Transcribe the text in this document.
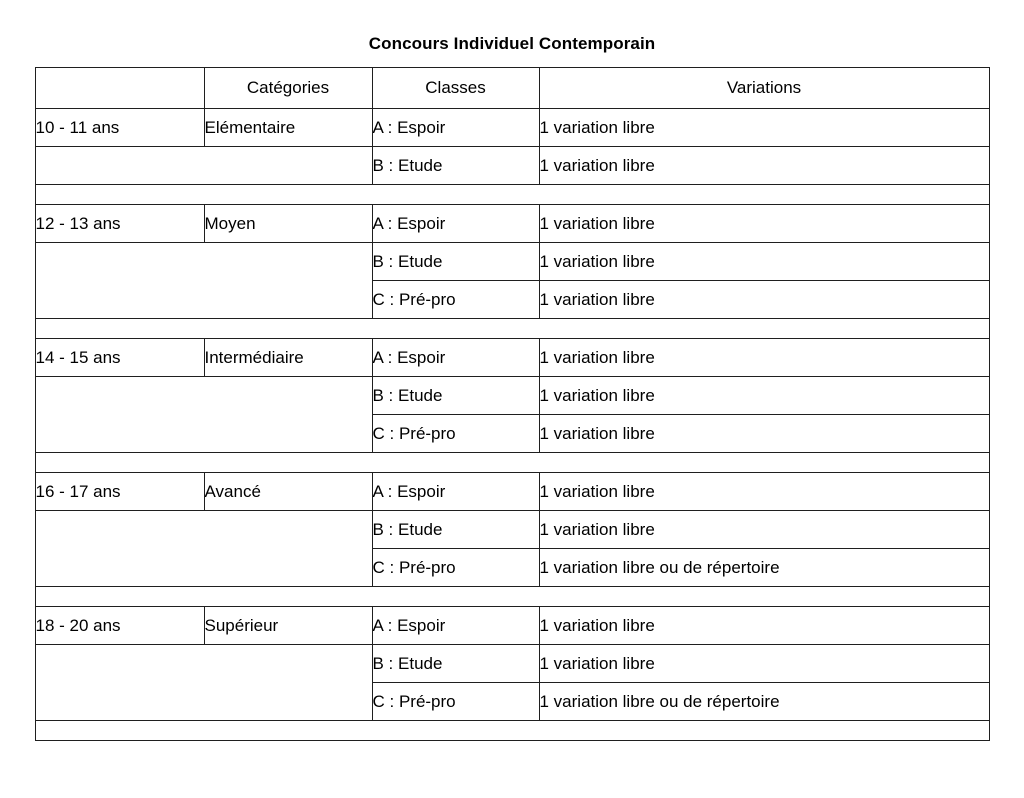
Concours Individuel Contemporain
	Catégories	Classes	Variations
10 - 11 ans	Elémentaire	A : Espoir	1 variation libre
		B : Etude	1 variation libre

12 - 13 ans	Moyen	A : Espoir	1 variation libre
		B : Etude	1 variation libre
		C : Pré-pro	1 variation libre

14 - 15 ans	Intermédiaire	A : Espoir	1 variation libre
		B : Etude	1 variation libre
		C : Pré-pro	1 variation libre

16 - 17 ans	Avancé	A : Espoir	1 variation libre
		B : Etude	1 variation libre
		C : Pré-pro	1 variation libre ou de répertoire

18 - 20 ans	Supérieur	A : Espoir	1 variation libre
		B : Etude	1 variation libre
		C : Pré-pro	1 variation libre ou de répertoire
